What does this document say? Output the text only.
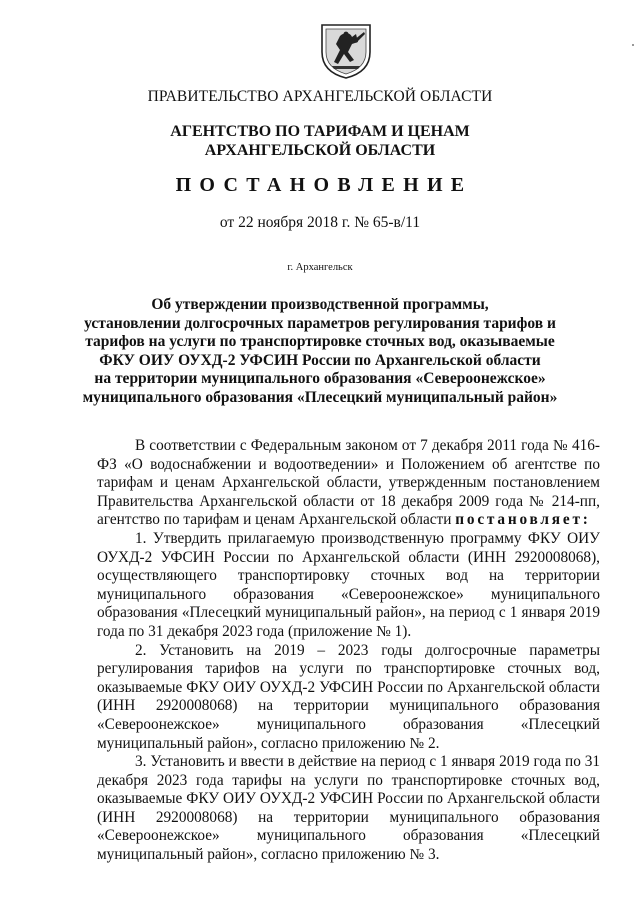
ПРАВИТЕЛЬСТВО АРХАНГЕЛЬСКОЙ ОБЛАСТИ
АГЕНТСТВО ПО ТАРИФАМ И ЦЕНАМ
АРХАНГЕЛЬСКОЙ ОБЛАСТИ
ПОСТАНОВЛЕНИЕ
от 22 ноября 2018 г. № 65-в/11
г. Архангельск
Об утверждении производственной программы,
установлении долгосрочных параметров регулирования тарифов и
тарифов на услуги по транспортировке сточных вод, оказываемые
ФКУ ОИУ ОУХД-2 УФСИН России по Архангельской области
на территории муниципального образования «Североонежское»
муниципального образования «Плесецкий муниципальный район»

В соответствии с Федеральным законом от 7 декабря 2011 года № 416-ФЗ «О водоснабжении и водоотведении» и Положением об агентстве по тарифам и ценам Архангельской области, утвержденным постановлением Правительства Архангельской области от 18 декабря 2009 года № 214-пп, агентство по тарифам и ценам Архангельской области постановляет:

1. Утвердить прилагаемую производственную программу ФКУ ОИУ ОУХД-2 УФСИН России по Архангельской области (ИНН 2920008068), осуществляющего транспортировку сточных вод на территории муниципального образования «Североонежское» муниципального образования «Плесецкий муниципальный район», на период с 1 января 2019 года по 31 декабря 2023 года (приложение № 1).

2. Установить на 2019 – 2023 годы долгосрочные параметры регулирования тарифов на услуги по транспортировке сточных вод, оказываемые ФКУ ОИУ ОУХД-2 УФСИН России по Архангельской области (ИНН 2920008068) на территории муниципального образования «Североонежское» муниципального образования «Плесецкий муниципальный район», согласно приложению № 2.

3. Установить и ввести в действие на период с 1 января 2019 года по 31 декабря 2023 года тарифы на услуги по транспортировке сточных вод, оказываемые ФКУ ОИУ ОУХД-2 УФСИН России по Архангельской области (ИНН 2920008068) на территории муниципального образования «Североонежское» муниципального образования «Плесецкий муниципальный район», согласно приложению № 3.
